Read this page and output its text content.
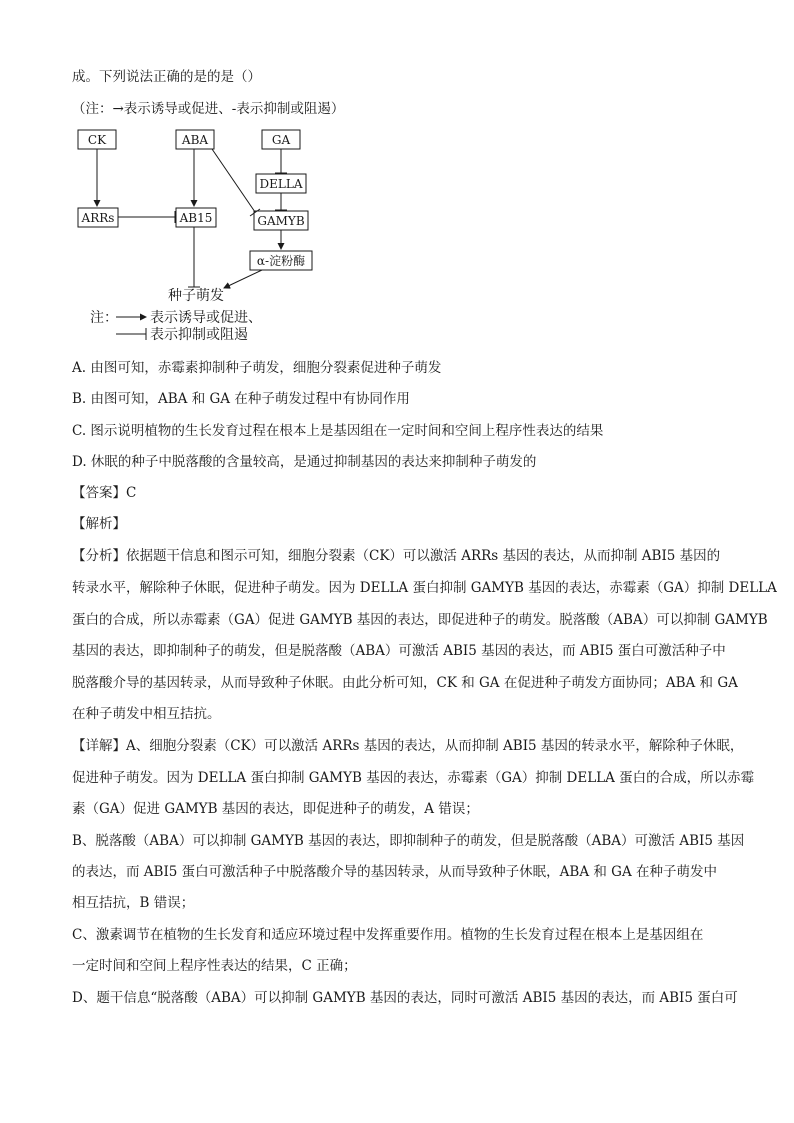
成。下列说法正确的是的是（）
（注：→表示诱导或促进、-表示抑制或阻遏）
CK	ABA	GA
DELLA
ARRs	AB15	GAMYB
α-淀粉酶
种子萌发
注： 表示诱导或促进、
表示抑制或阻遏
A. 由图可知，赤霉素抑制种子萌发，细胞分裂素促进种子萌发
B. 由图可知，ABA 和 GA 在种子萌发过程中有协同作用
C. 图示说明植物的生长发育过程在根本上是基因组在一定时间和空间上程序性表达的结果
D. 休眠的种子中脱落酸的含量较高，是通过抑制基因的表达来抑制种子萌发的
【答案】C
【解析】
【分析】依据题干信息和图示可知，细胞分裂素（CK）可以激活 ARRs 基因的表达，从而抑制 ABI5 基因的
转录水平，解除种子休眠，促进种子萌发。因为 DELLA 蛋白抑制 GAMYB 基因的表达，赤霉素（GA）抑制 DELLA
蛋白的合成，所以赤霉素（GA）促进 GAMYB 基因的表达，即促进种子的萌发。脱落酸（ABA）可以抑制 GAMYB
基因的表达，即抑制种子的萌发，但是脱落酸（ABA）可激活 ABI5 基因的表达，而 ABI5 蛋白可激活种子中
脱落酸介导的基因转录，从而导致种子休眠。由此分析可知，CK 和 GA 在促进种子萌发方面协同；ABA 和 GA
在种子萌发中相互拮抗。
【详解】A、细胞分裂素（CK）可以激活 ARRs 基因的表达，从而抑制 ABI5 基因的转录水平，解除种子休眠，
促进种子萌发。因为 DELLA 蛋白抑制 GAMYB 基因的表达，赤霉素（GA）抑制 DELLA 蛋白的合成，所以赤霉
素（GA）促进 GAMYB 基因的表达，即促进种子的萌发，A 错误；
B、脱落酸（ABA）可以抑制 GAMYB 基因的表达，即抑制种子的萌发，但是脱落酸（ABA）可激活 ABI5 基因
的表达，而 ABI5 蛋白可激活种子中脱落酸介导的基因转录，从而导致种子休眠，ABA 和 GA 在种子萌发中
相互拮抗，B 错误；
C、激素调节在植物的生长发育和适应环境过程中发挥重要作用。植物的生长发育过程在根本上是基因组在
一定时间和空间上程序性表达的结果，C 正确；
D、题干信息“脱落酸（ABA）可以抑制 GAMYB 基因的表达，同时可激活 ABI5 基因的表达，而 ABI5 蛋白可
